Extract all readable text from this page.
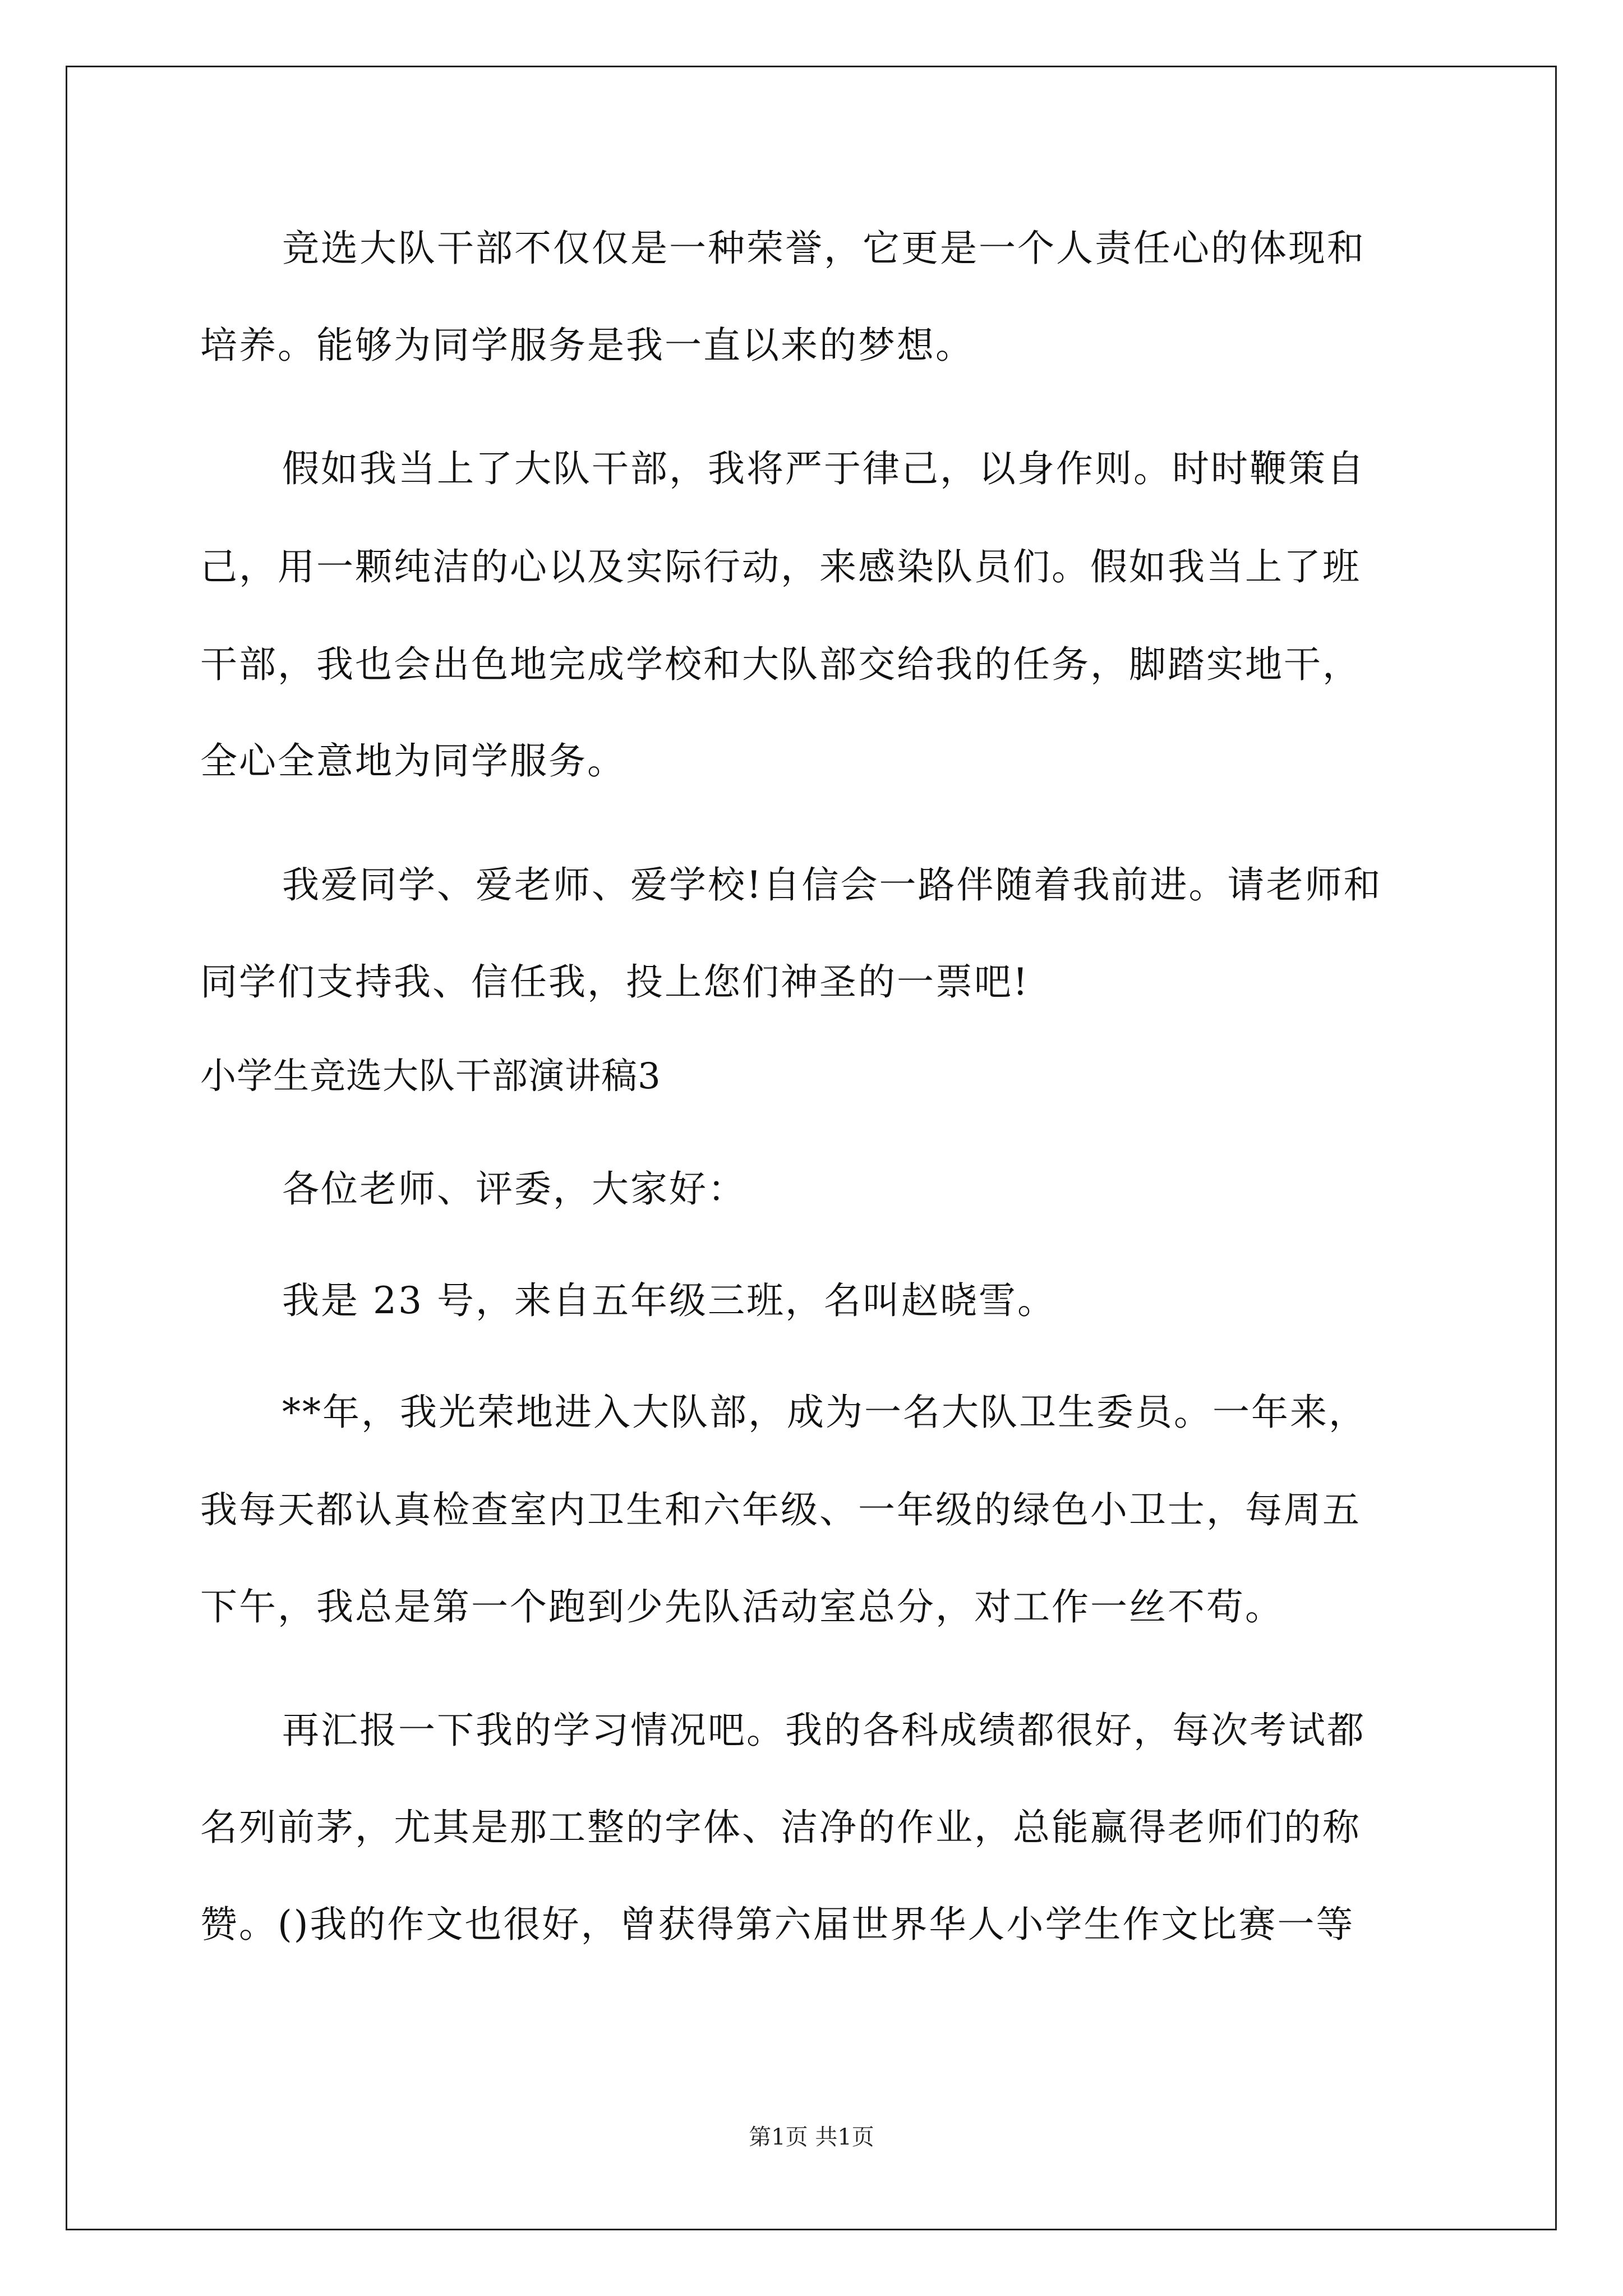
竞选大队干部不仅仅是一种荣誉，它更是一个人责任心的体现和
培养。能够为同学服务是我一直以来的梦想。
假如我当上了大队干部，我将严于律己，以身作则。时时鞭策自
己，用一颗纯洁的心以及实际行动，来感染队员们。假如我当上了班
干部，我也会出色地完成学校和大队部交给我的任务，脚踏实地干，
全心全意地为同学服务。
我爱同学、爱老师、爱学校!自信会一路伴随着我前进。请老师和
同学们支持我、信任我，投上您们神圣的一票吧!
小学生竞选大队干部演讲稿3
各位老师、评委，大家好：
我是 23 号，来自五年级三班，名叫赵晓雪。
**年，我光荣地进入大队部，成为一名大队卫生委员。一年来，
我每天都认真检查室内卫生和六年级、一年级的绿色小卫士，每周五
下午，我总是第一个跑到少先队活动室总分，对工作一丝不苟。
再汇报一下我的学习情况吧。我的各科成绩都很好，每次考试都
名列前茅，尤其是那工整的字体、洁净的作业，总能赢得老师们的称
赞。()我的作文也很好，曾获得第六届世界华人小学生作文比赛一等
第1页 共1页
